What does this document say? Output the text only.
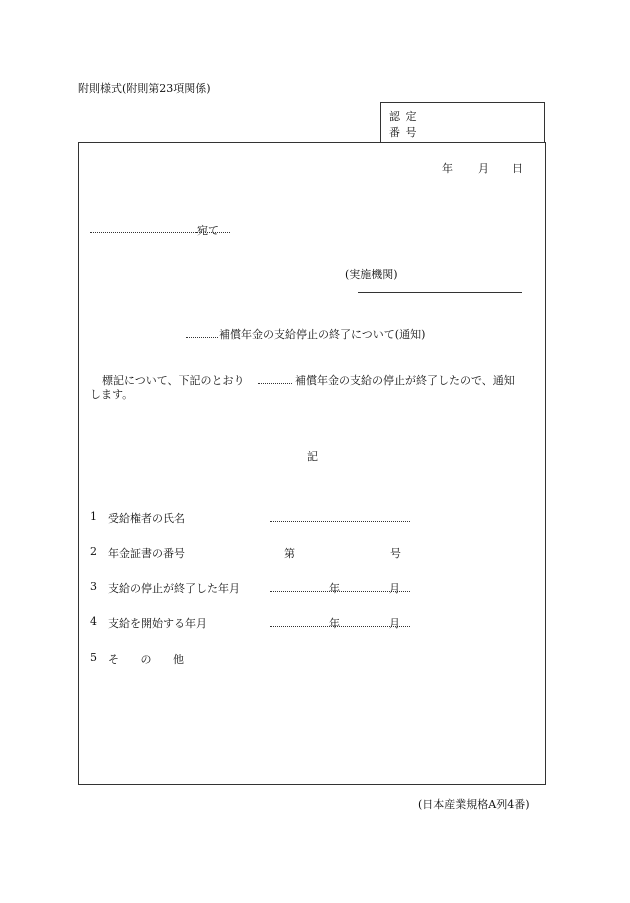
附則様式(附則第23項関係)
認 定
番 号
年 月 日
宛て
(実施機関)
補償年金の支給停止の終了について(通知)
標記について、下記のとおり	補償年金の支給の停止が終了したので、通知
します。
記
1 受給権者の氏名
2 年金証書の番号	第	号
3 支給の停止が終了した年月	年	月
4 支給を開始する年月	年	月
5 そ の 他
(日本産業規格A列4番)
